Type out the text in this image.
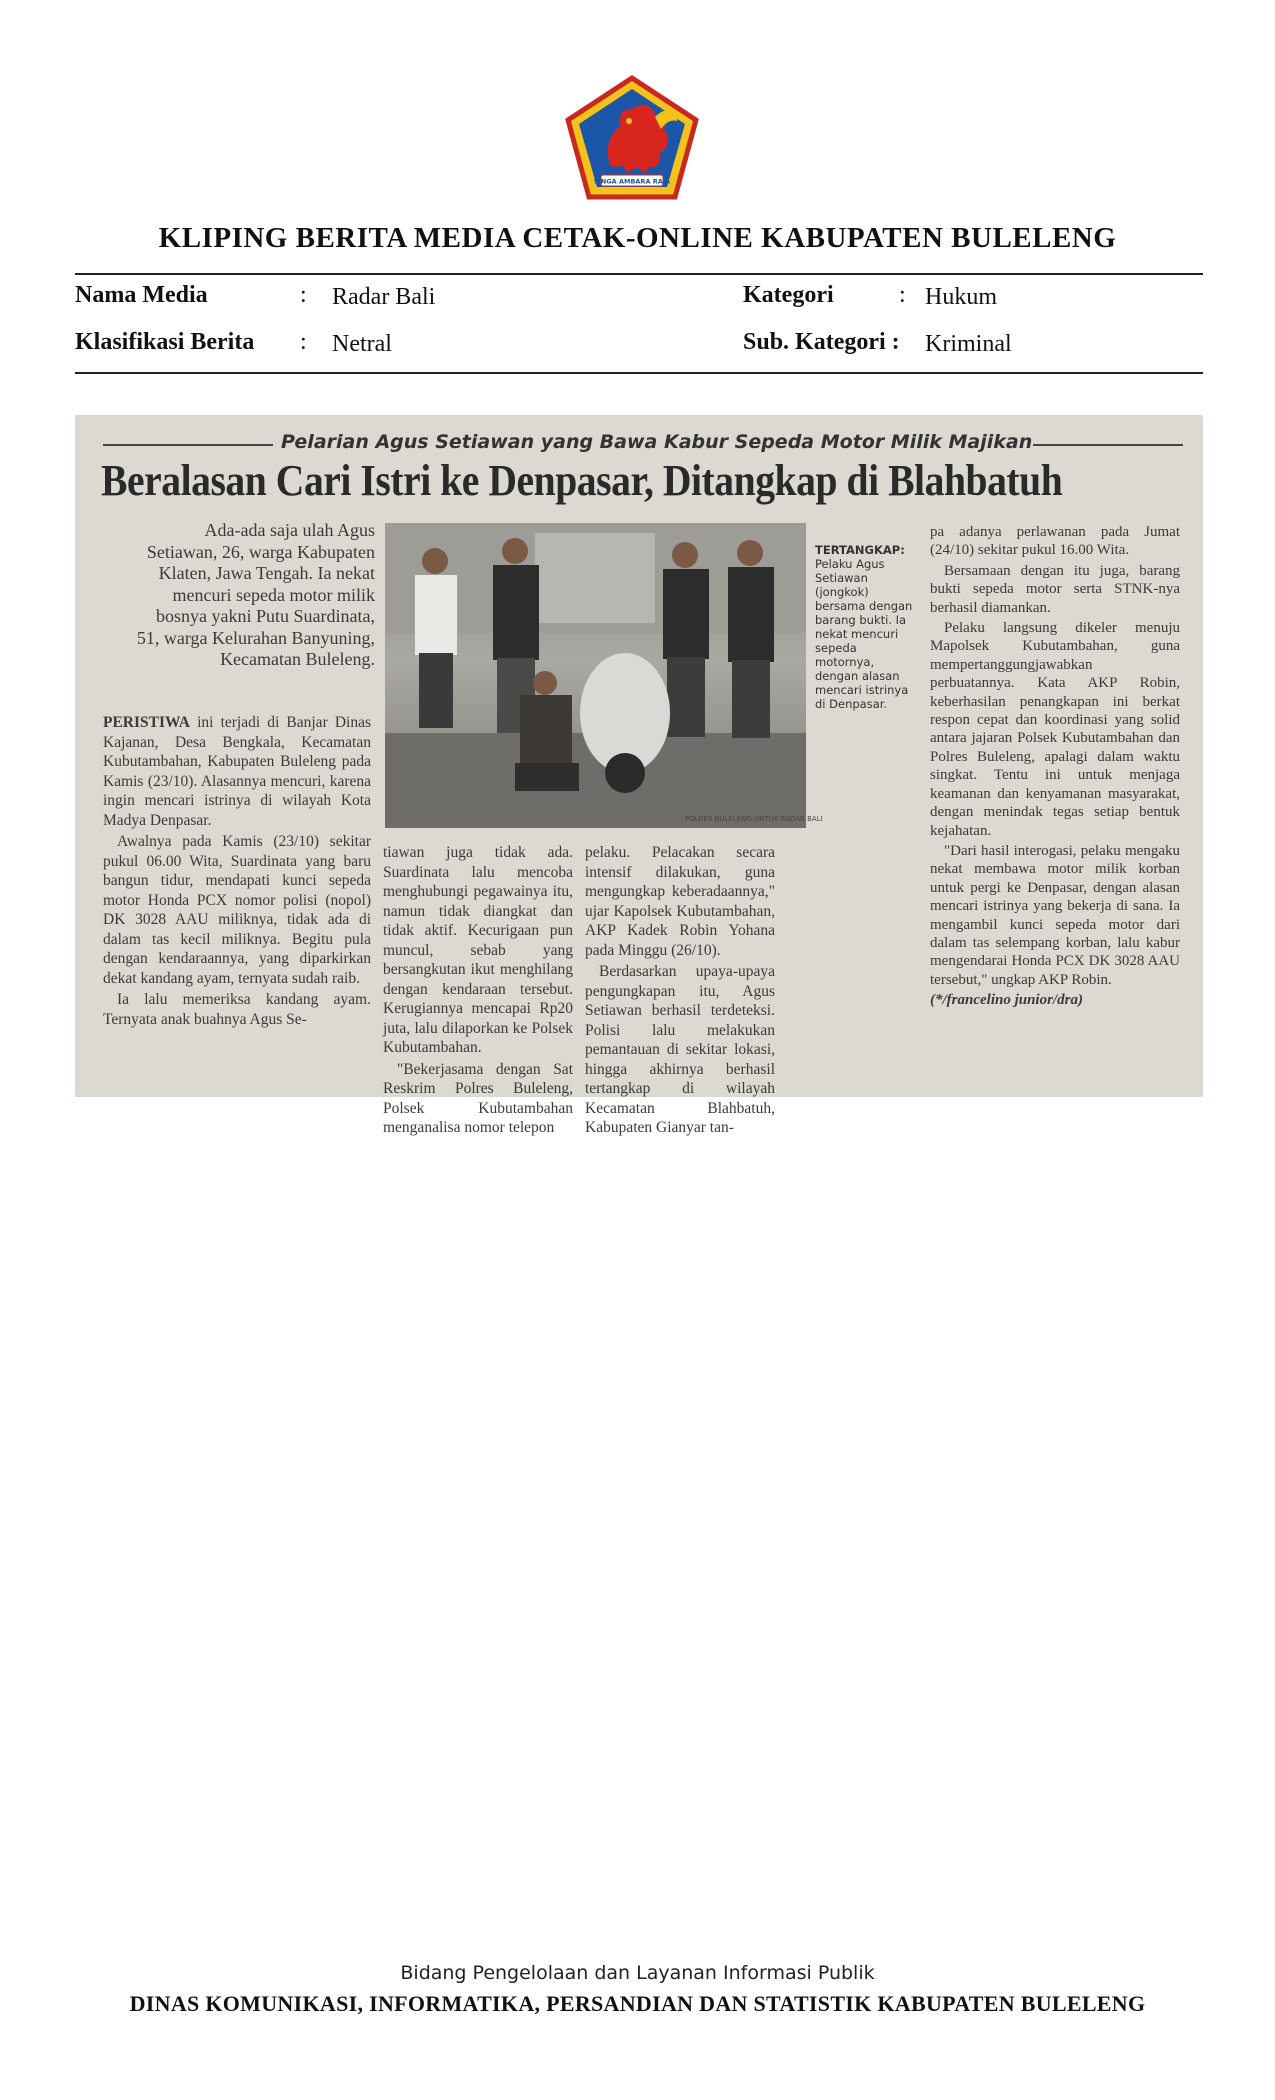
SINGA AMBARA RAJA
KLIPING BERITA MEDIA CETAK-ONLINE KABUPATEN BULELENG
Nama Media	: Radar Bali
Klasifikasi Berita : Netral
Kategori	: Hukum
Sub. Kategori : Kriminal
Pelarian Agus Setiawan yang Bawa Kabur Sepeda Motor Milik Majikan
Beralasan Cari Istri ke Denpasar, Ditangkap di Blahbatuh
Ada-ada saja ulah Agus Setiawan, 26, warga Kabupaten Klaten, Jawa Tengah. Ia nekat mencuri sepeda motor milik bosnya yakni Putu Suardinata, 51, warga Kelurahan Banyuning, Kecamatan Buleleng.
POLRES BULELENG UNTUK RADAR BALI
TERTANGKAP: Pelaku Agus Setiawan (jongkok) bersama dengan barang bukti. Ia nekat mencuri sepeda motornya, dengan alasan mencari istrinya di Denpasar.

PERISTIWA ini terjadi di Banjar Dinas Kajanan, Desa Bengkala, Kecamatan Kubutambahan, Kabupaten Buleleng pada Kamis (23/10). Alasannya mencuri, karena ingin mencari istrinya di wilayah Kota Madya Denpasar.

Awalnya pada Kamis (23/10) sekitar pukul 06.00 Wita, Suardinata yang baru bangun tidur, mendapati kunci sepeda motor Honda PCX nomor polisi (nopol) DK 3028 AAU miliknya, tidak ada di dalam tas kecil miliknya. Begitu pula dengan kendaraannya, yang diparkirkan dekat kandang ayam, ternyata sudah raib.

Ia lalu memeriksa kandang ayam. Ternyata anak buahnya Agus Se-

tiawan juga tidak ada. Suardinata lalu mencoba menghubungi pegawainya itu, namun tidak diangkat dan tidak aktif. Kecurigaan pun muncul, sebab yang bersangkutan ikut menghilang dengan kendaraan tersebut. Kerugiannya mencapai Rp20 juta, lalu dilaporkan ke Polsek Kubutambahan.

"Bekerjasama dengan Sat Reskrim Polres Buleleng, Polsek Kubutambahan menganalisa nomor telepon

pelaku. Pelacakan secara intensif dilakukan, guna mengungkap keberadaannya," ujar Kapolsek Kubutambahan, AKP Kadek Robin Yohana pada Minggu (26/10).

Berdasarkan upaya-upaya pengungkapan itu, Agus Setiawan berhasil terdeteksi. Polisi lalu melakukan pemantauan di sekitar lokasi, hingga akhirnya berhasil tertangkap di wilayah Kecamatan Blahbatuh, Kabupaten Gianyar tan-

pa adanya perlawanan pada Jumat (24/10) sekitar pukul 16.00 Wita.

Bersamaan dengan itu juga, barang bukti sepeda motor serta STNK-nya berhasil diamankan.

Pelaku langsung dikeler menuju Mapolsek Kubutambahan, guna mempertanggungjawabkan perbuatannya. Kata AKP Robin, keberhasilan penangkapan ini berkat respon cepat dan koordinasi yang solid antara jajaran Polsek Kubutambahan dan Polres Buleleng, apalagi dalam waktu singkat. Tentu ini untuk menjaga keamanan dan kenyamanan masyarakat, dengan menindak tegas setiap bentuk kejahatan.

"Dari hasil interogasi, pelaku mengaku nekat membawa motor milik korban untuk pergi ke Denpasar, dengan alasan mencari istrinya yang bekerja di sana. Ia mengambil kunci sepeda motor dari dalam tas selempang korban, lalu kabur mengendarai Honda PCX DK 3028 AAU tersebut," ungkap AKP Robin.

(*/francelino junior/dra)

Bidang Pengelolaan dan Layanan Informasi Publik
DINAS KOMUNIKASI, INFORMATIKA, PERSANDIAN DAN STATISTIK KABUPATEN BULELENG
